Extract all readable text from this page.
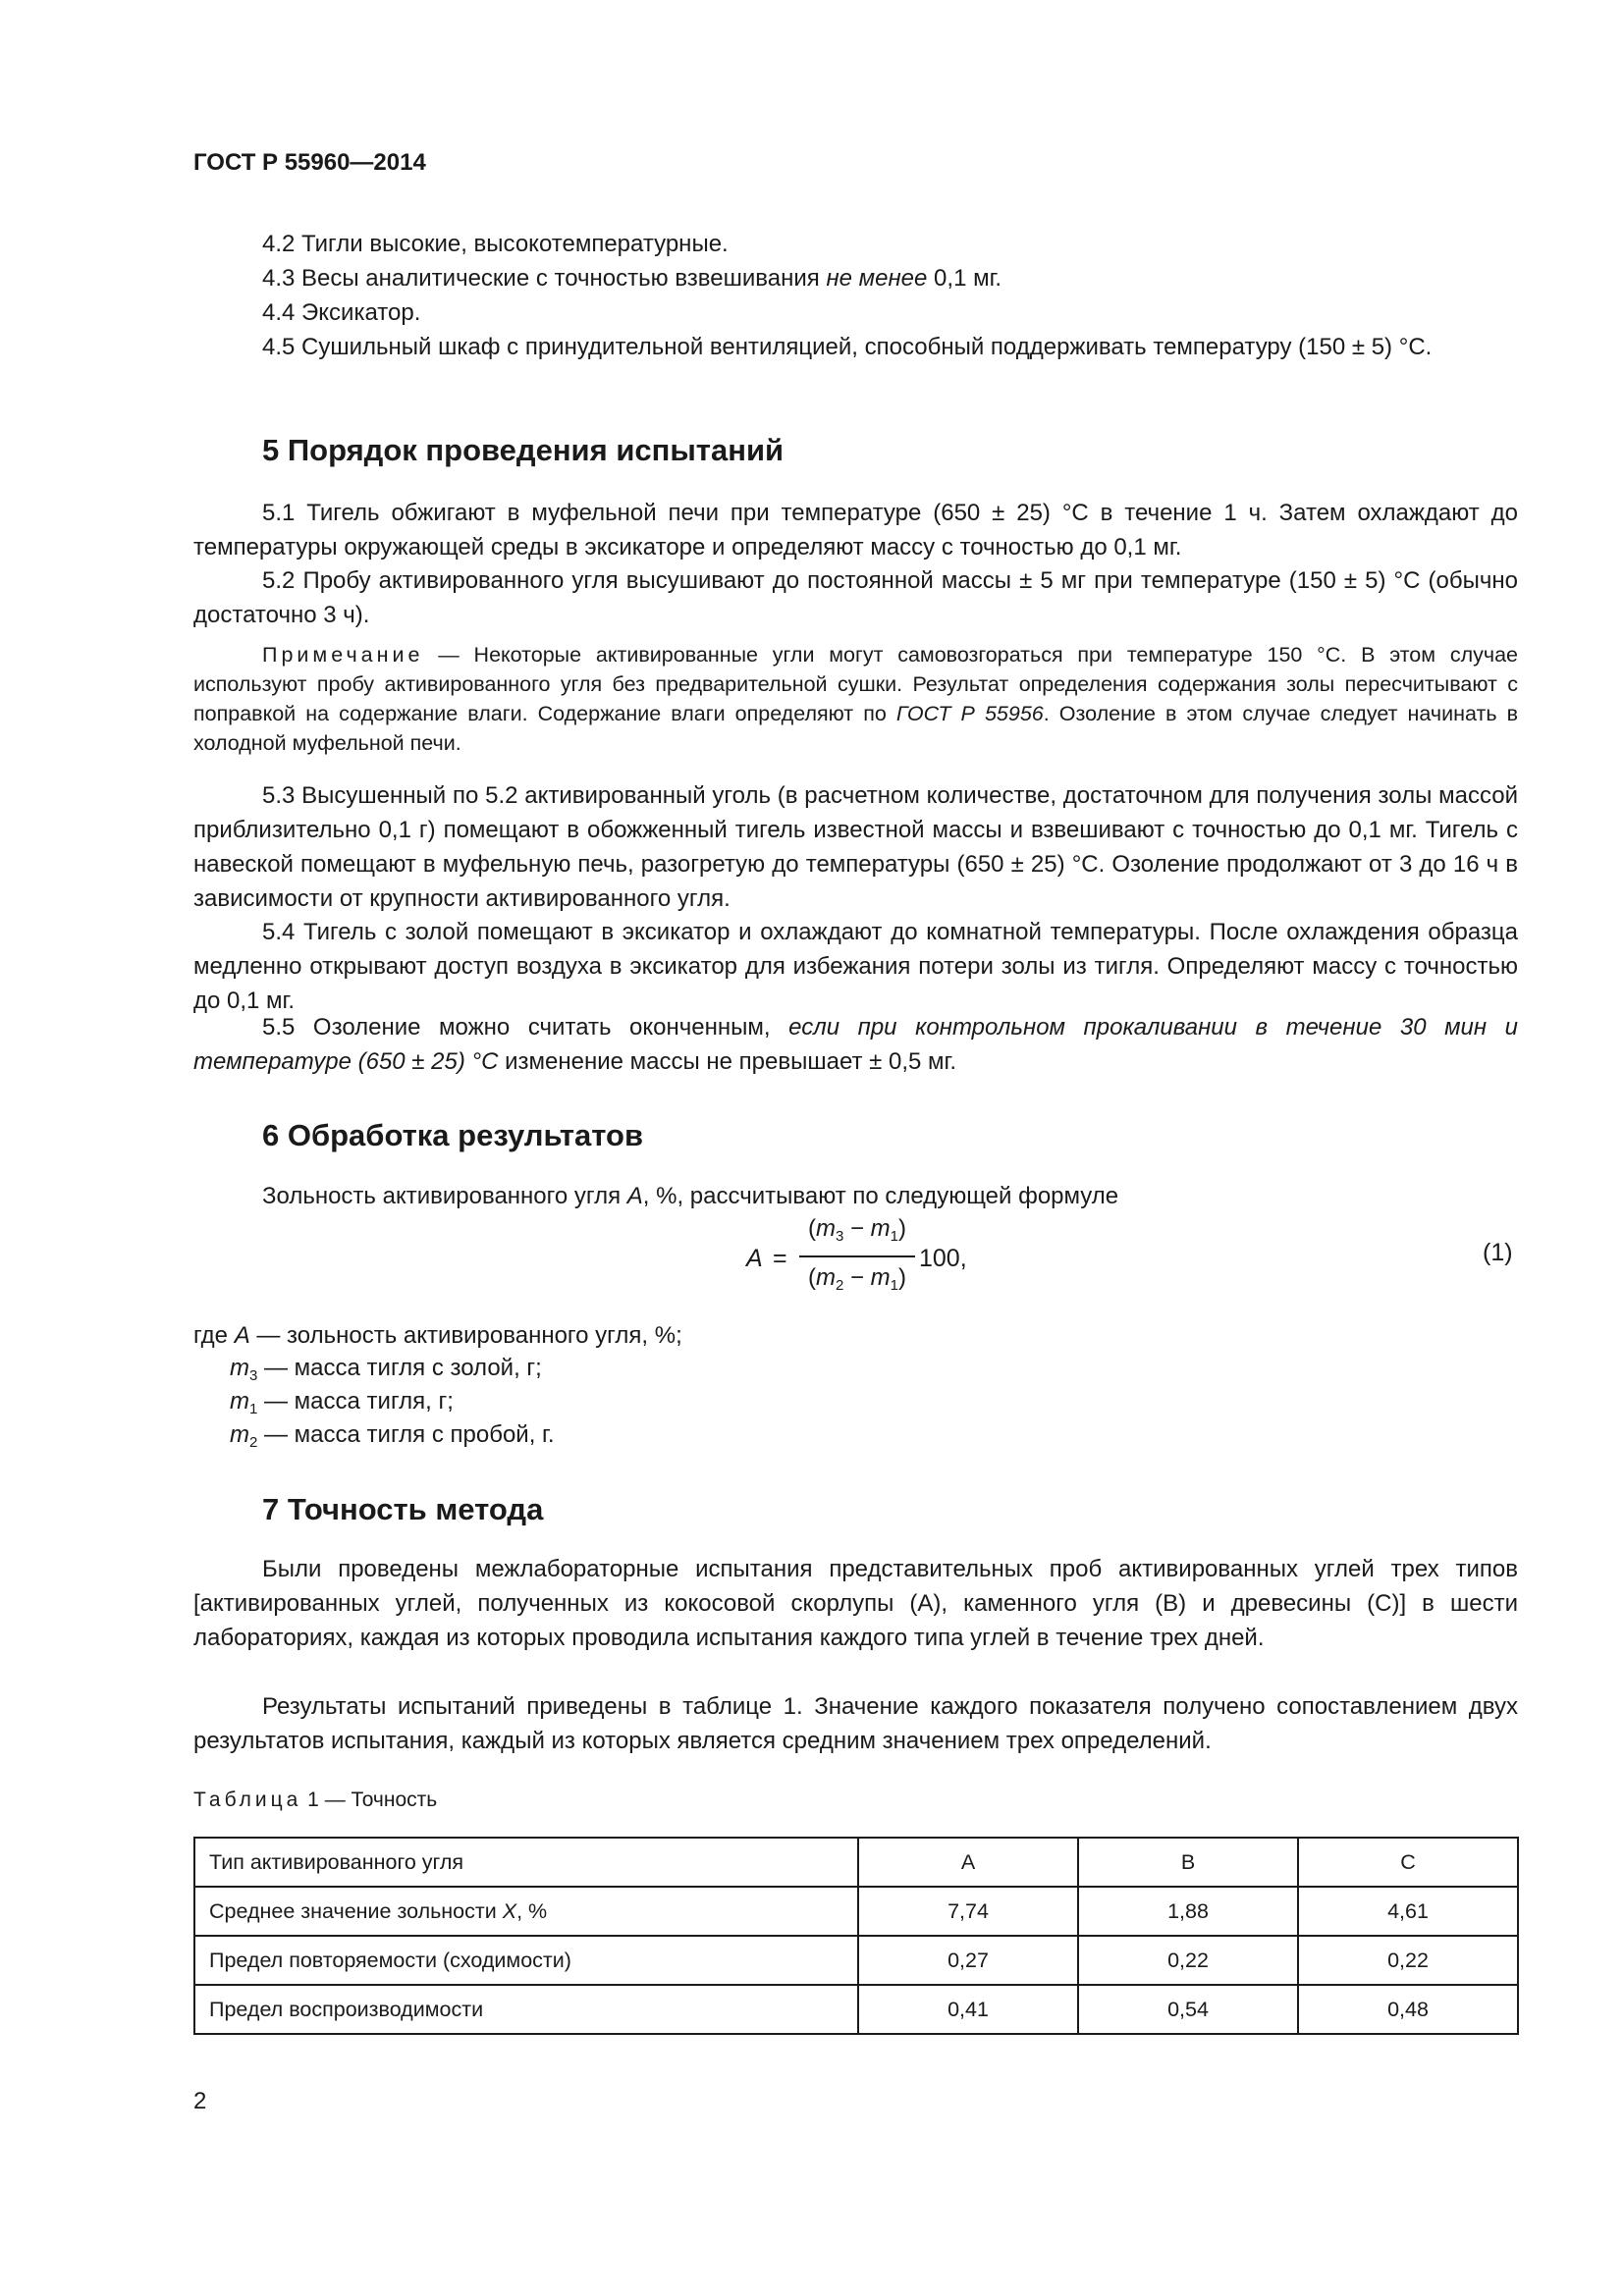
ГОСТ Р 55960—2014

4.2 Тигли высокие, высокотемпературные.

4.3 Весы аналитические с точностью взвешивания не менее 0,1 мг.

4.4 Эксикатор.

4.5 Сушильный шкаф с принудительной вентиляцией, способный поддерживать температуру (150 ± 5) °С.

5 Порядок проведения испытаний

5.1 Тигель обжигают в муфельной печи при температуре (650 ± 25) °С в течение 1 ч. Затем охлаждают до температуры окружающей среды в эксикаторе и определяют массу с точностью до 0,1 мг.

5.2 Пробу активированного угля высушивают до постоянной массы ± 5 мг при температуре (150 ± 5) °С (обычно достаточно 3 ч).

Примечание — Некоторые активированные угли могут самовозгораться при температуре 150 °С. В этом случае используют пробу активированного угля без предварительной сушки. Результат определения содержания золы пересчитывают с поправкой на содержание влаги. Содержание влаги определяют по ГОСТ Р 55956. Озоление в этом случае следует начинать в холодной муфельной печи.

5.3 Высушенный по 5.2 активированный уголь (в расчетном количестве, достаточном для получения золы массой приблизительно 0,1 г) помещают в обожженный тигель известной массы и взвешивают с точностью до 0,1 мг. Тигель с навеской помещают в муфельную печь, разогретую до температуры (650 ± 25) °С. Озоление продолжают от 3 до 16 ч в зависимости от крупности активированного угля.

5.4 Тигель с золой помещают в эксикатор и охлаждают до комнатной температуры. После охлаждения образца медленно открывают доступ воздуха в эксикатор для избежания потери золы из тигля. Определяют массу с точностью до 0,1 мг.

5.5 Озоление можно считать оконченным, если при контрольном прокаливании в течение 30 мин и температуре (650 ± 25) °С изменение массы не превышает ± 0,5 мг.

6 Обработка результатов

Зольность активированного угля А, %, рассчитывают по следующей формуле

A =
$(m_3 - m_1)$
$(m_2 - m_1)$
100,	(1)
где А — зольность активированного угля, %;
$m_3$ — масса тигля с золой, г;
$m_1$ — масса тигля, г;
$m_2$ — масса тигля с пробой, г.
7 Точность метода

Были проведены межлабораторные испытания представительных проб активированных углей трех типов [активированных углей, полученных из кокосовой скорлупы (А), каменного угля (В) и древесины (С)] в шести лабораториях, каждая из которых проводила испытания каждого типа углей в течение трех дней.

Результаты испытаний приведены в таблице 1. Значение каждого показателя получено сопоставлением двух результатов испытания, каждый из которых является средним значением трех определений.

Таблица 1 — Точность
Тип активированного угля	А	В	С
Среднее значение зольности X, %	7,74	1,88	4,61
Предел повторяемости (сходимости)	0,27	0,22	0,22
Предел воспроизводимости	0,41	0,54	0,48
2
